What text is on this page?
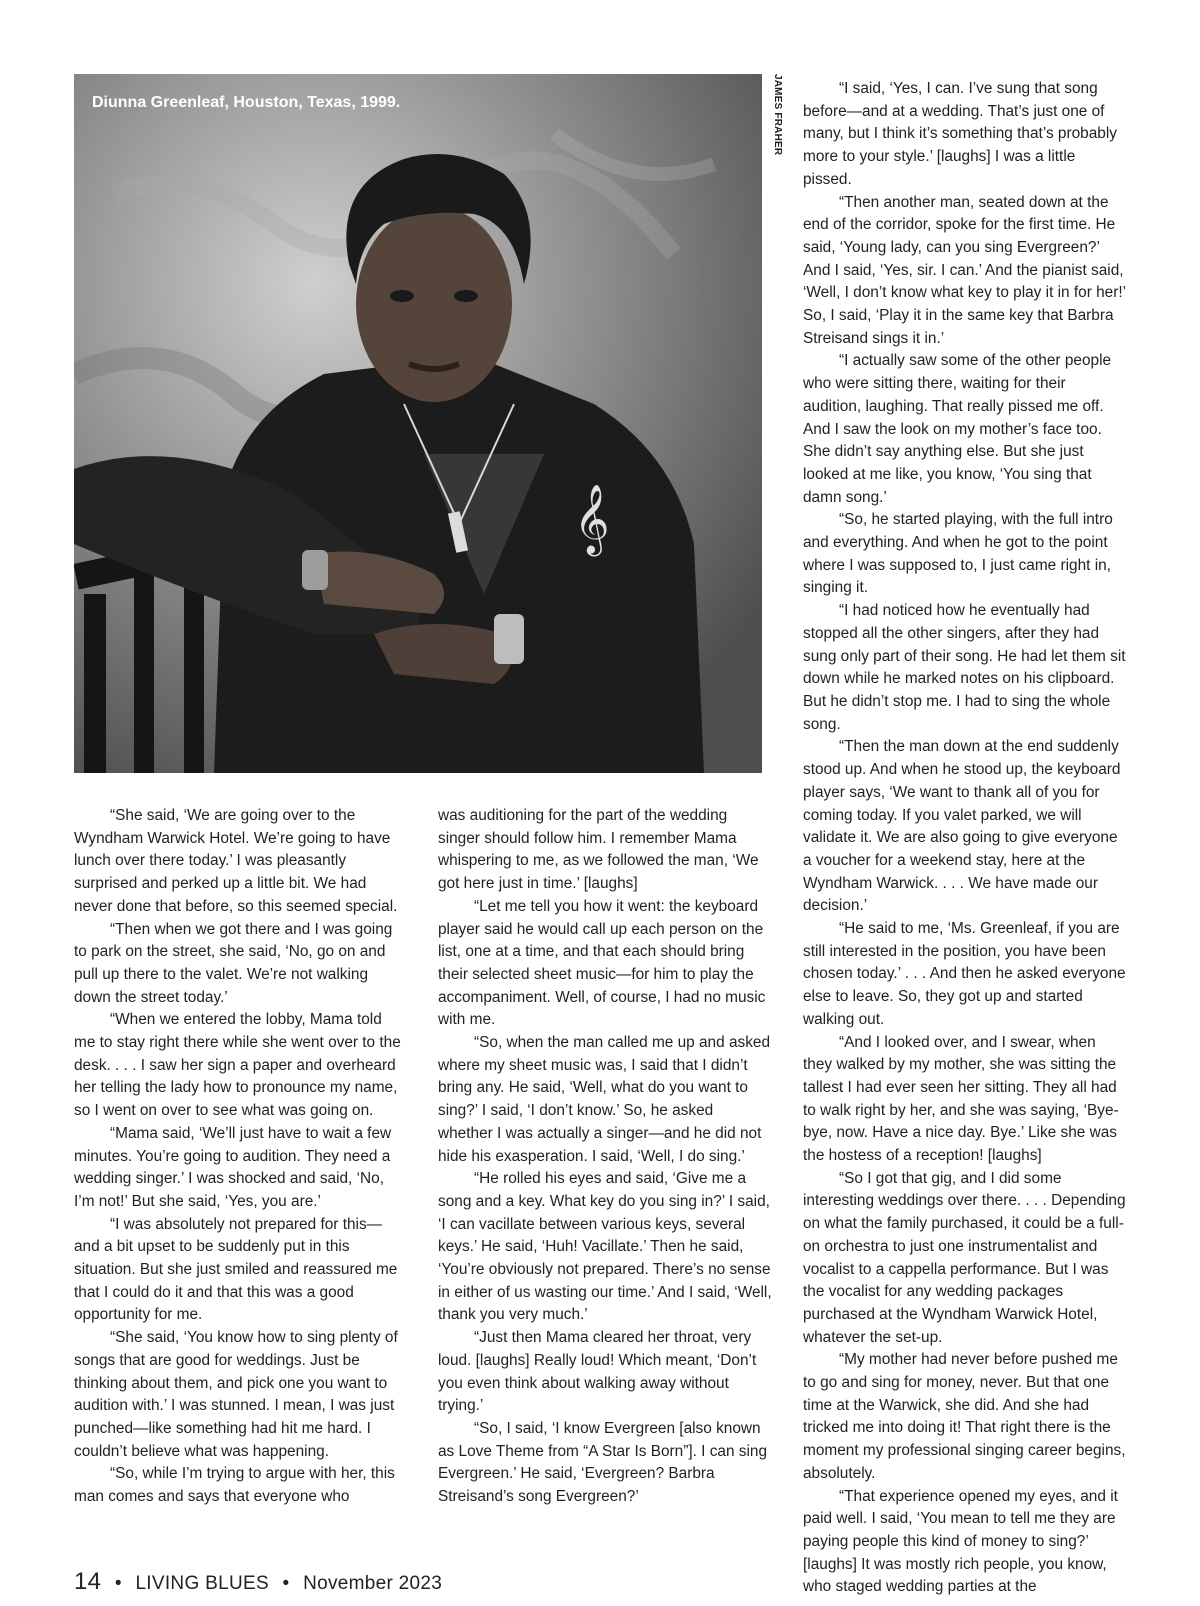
𝄞
Diunna Greenleaf, Houston, Texas, 1999.	JAMES FRAHER

“She said, ‘We are going over to the Wyndham Warwick Hotel. We’re going to have lunch over there today.’ I was pleasantly surprised and perked up a little bit. We had never done that before, so this seemed special.

“Then when we got there and I was going to park on the street, she said, ‘No, go on and pull up there to the valet. We’re not walking down the street today.’

“When we entered the lobby, Mama told me to stay right there while she went over to the desk. . . . I saw her sign a paper and overheard her telling the lady how to pronounce my name, so I went on over to see what was going on.

“Mama said, ‘We’ll just have to wait a few minutes. You’re going to audition. They need a wedding singer.’ I was shocked and said, ‘No, I’m not!’ But she said, ‘Yes, you are.’

“I was absolutely not prepared for this—and a bit upset to be suddenly put in this situation. But she just smiled and reassured me that I could do it and that this was a good opportunity for me.

“She said, ‘You know how to sing plenty of songs that are good for weddings. Just be thinking about them, and pick one you want to audition with.’ I was stunned. I mean, I was just punched—like something had hit me hard. I couldn’t believe what was happening.

“So, while I’m trying to argue with her, this man comes and says that everyone who

was auditioning for the part of the wedding singer should follow him. I remember Mama whispering to me, as we followed the man, ‘We got here just in time.’ [laughs]

“Let me tell you how it went: the keyboard player said he would call up each person on the list, one at a time, and that each should bring their selected sheet music—for him to play the accompaniment. Well, of course, I had no music with me.

“So, when the man called me up and asked where my sheet music was, I said that I didn’t bring any. He said, ‘Well, what do you want to sing?’ I said, ‘I don’t know.’ So, he asked whether I was actually a singer—and he did not hide his exasperation. I said, ‘Well, I do sing.’

“He rolled his eyes and said, ‘Give me a song and a key. What key do you sing in?’ I said, ‘I can vacillate between various keys, several keys.’ He said, ‘Huh! Vacillate.’ Then he said, ‘You’re obviously not prepared. There’s no sense in either of us wasting our time.’ And I said, ‘Well, thank you very much.’

“Just then Mama cleared her throat, very loud. [laughs] Really loud! Which meant, ‘Don’t you even think about walking away without trying.’

“So, I said, ‘I know Evergreen [also known as Love Theme from “A Star Is Born”]. I can sing Evergreen.’ He said, ‘Evergreen? Barbra Streisand’s song Evergreen?’

“I said, ‘Yes, I can. I’ve sung that song before—and at a wedding. That’s just one of many, but I think it’s something that’s probably more to your style.’ [laughs] I was a little pissed.

“Then another man, seated down at the end of the corridor, spoke for the first time. He said, ‘Young lady, can you sing Evergreen?’ And I said, ‘Yes, sir. I can.’ And the pianist said, ‘Well, I don’t know what key to play it in for her!’ So, I said, ‘Play it in the same key that Barbra Streisand sings it in.’

“I actually saw some of the other people who were sitting there, waiting for their audition, laughing. That really pissed me off. And I saw the look on my mother’s face too. She didn’t say anything else. But she just looked at me like, you know, ‘You sing that damn song.’

“So, he started playing, with the full intro and everything. And when he got to the point where I was supposed to, I just came right in, singing it.

“I had noticed how he eventually had stopped all the other singers, after they had sung only part of their song. He had let them sit down while he marked notes on his clipboard. But he didn’t stop me. I had to sing the whole song.

“Then the man down at the end suddenly stood up. And when he stood up, the keyboard player says, ‘We want to thank all of you for coming today. If you valet parked, we will validate it. We are also going to give everyone a voucher for a weekend stay, here at the Wyndham Warwick. . . . We have made our decision.’

“He said to me, ‘Ms. Greenleaf, if you are still interested in the position, you have been chosen today.’ . . . And then he asked everyone else to leave. So, they got up and started walking out.

“And I looked over, and I swear, when they walked by my mother, she was sitting the tallest I had ever seen her sitting. They all had to walk right by her, and she was saying, ‘Bye-bye, now. Have a nice day. Bye.’ Like she was the hostess of a reception! [laughs]

“So I got that gig, and I did some interesting weddings over there. . . . Depending on what the family purchased, it could be a full-on orchestra to just one instrumentalist and vocalist to a cappella performance. But I was the vocalist for any wedding packages purchased at the Wyndham Warwick Hotel, whatever the set-up.

“My mother had never before pushed me to go and sing for money, never. But that one time at the Warwick, she did. And she had tricked me into doing it! That right there is the moment my professional singing career begins, absolutely.

“That experience opened my eyes, and it paid well. I said, ‘You mean to tell me they are paying people this kind of money to sing?’ [laughs] It was mostly rich people, you know, who staged wedding parties at the

14 • LIVING BLUES • November 2023
